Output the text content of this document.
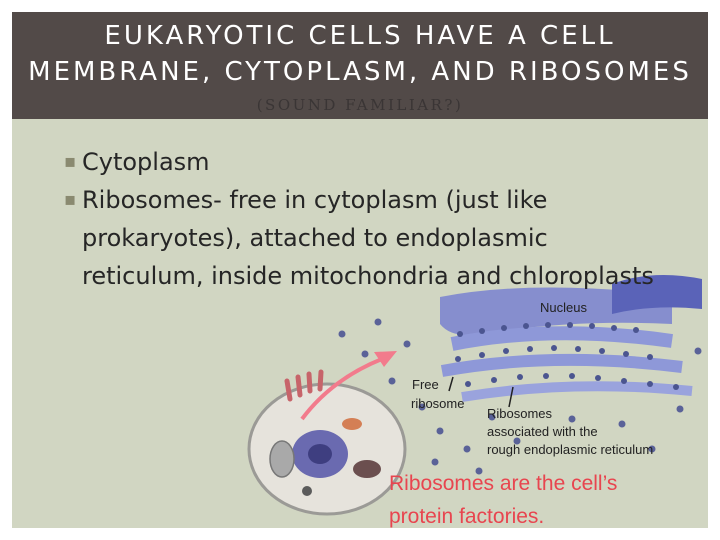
EUKARYOTIC CELLS HAVE A CELL
MEMBRANE, CYTOPLASM, AND RIBOSOMES
(SOUND FAMILIAR?)
Nucleus
Free
ribosome
Ribosomes
associated with the
rough endoplasmic reticulum
Ribosomes are the cell’s
protein factories.
▪ Cytoplasm
▪ Ribosomes- free in cytoplasm (just like prokaryotes), attached to endoplasmic reticulum, inside mitochondria and chloroplasts
